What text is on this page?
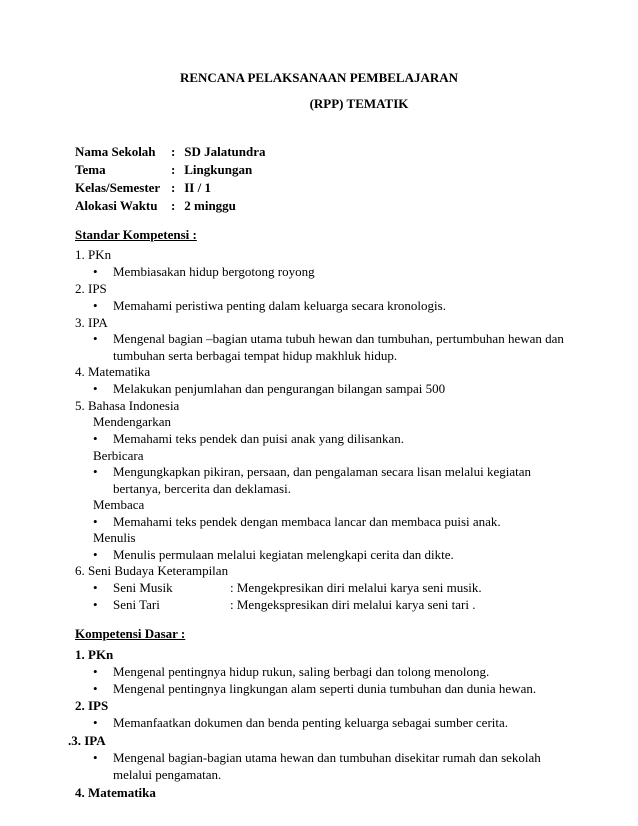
RENCANA PELAKSANAAN PEMBELAJARAN
(RPP) TEMATIK
Nama Sekolah : SD Jalatundra
Tema	: Lingkungan
Kelas/Semester : II / 1
Alokasi Waktu : 2 minggu
Standar Kompetensi :
1. PKn
• Membiasakan hidup bergotong royong
2. IPS
• Memahami peristiwa penting dalam keluarga secara kronologis.
3. IPA
• Mengenal bagian –bagian utama tubuh hewan dan tumbuhan, pertumbuhan hewan dan
tumbuhan serta berbagai tempat hidup makhluk hidup.
4. Matematika
• Melakukan penjumlahan dan pengurangan bilangan sampai 500
5. Bahasa Indonesia
Mendengarkan
• Memahami teks pendek dan puisi anak yang dilisankan.
Berbicara
• Mengungkapkan pikiran, persaan, dan pengalaman secara lisan melalui kegiatan
bertanya, bercerita dan deklamasi.
Membaca
• Memahami teks pendek dengan membaca lancar dan membaca puisi anak.
Menulis
• Menulis permulaan melalui kegiatan melengkapi cerita dan dikte.
6. Seni Budaya Keterampilan
• Seni Musik	: Mengekpresikan diri melalui karya seni musik.
• Seni Tari	: Mengekspresikan diri melalui karya seni tari .
Kompetensi Dasar :
1. PKn
• Mengenal pentingnya hidup rukun, saling berbagi dan tolong menolong.
• Mengenal pentingnya lingkungan alam seperti dunia tumbuhan dan dunia hewan.
2. IPS
• Memanfaatkan dokumen dan benda penting keluarga sebagai sumber cerita.
.3. IPA
• Mengenal bagian-bagian utama hewan dan tumbuhan disekitar rumah dan sekolah
melalui pengamatan.
4. Matematika
